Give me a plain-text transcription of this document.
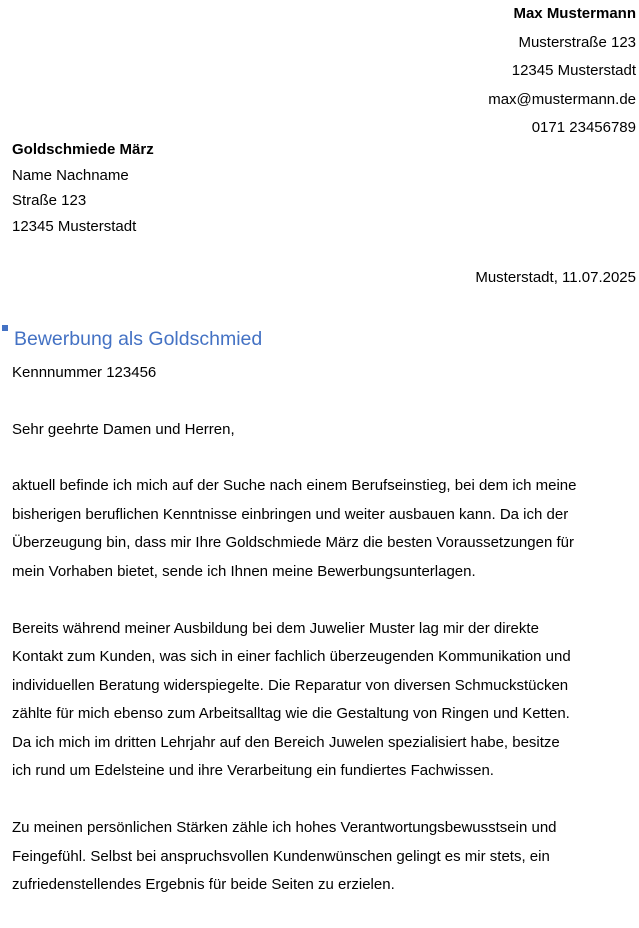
Max Mustermann
Musterstraße 123
12345 Musterstadt
max@mustermann.de
0171 23456789
Goldschmiede März
Name Nachname
Straße 123
12345 Musterstadt
Musterstadt, 11.07.2025
Bewerbung als Goldschmied
Kennnummer 123456
Sehr geehrte Damen und Herren,

aktuell befinde ich mich auf der Suche nach einem Berufseinstieg, bei dem ich meine
bisherigen beruflichen Kenntnisse einbringen und weiter ausbauen kann. Da ich der
Überzeugung bin, dass mir Ihre Goldschmiede März die besten Voraussetzungen für
mein Vorhaben bietet, sende ich Ihnen meine Bewerbungsunterlagen.

Bereits während meiner Ausbildung bei dem Juwelier Muster lag mir der direkte
Kontakt zum Kunden, was sich in einer fachlich überzeugenden Kommunikation und
individuellen Beratung widerspiegelte. Die Reparatur von diversen Schmuckstücken
zählte für mich ebenso zum Arbeitsalltag wie die Gestaltung von Ringen und Ketten.
Da ich mich im dritten Lehrjahr auf den Bereich Juwelen spezialisiert habe, besitze
ich rund um Edelsteine und ihre Verarbeitung ein fundiertes Fachwissen.

Zu meinen persönlichen Stärken zähle ich hohes Verantwortungsbewusstsein und
Feingefühl. Selbst bei anspruchsvollen Kundenwünschen gelingt es mir stets, ein
zufriedenstellendes Ergebnis für beide Seiten zu erzielen.
